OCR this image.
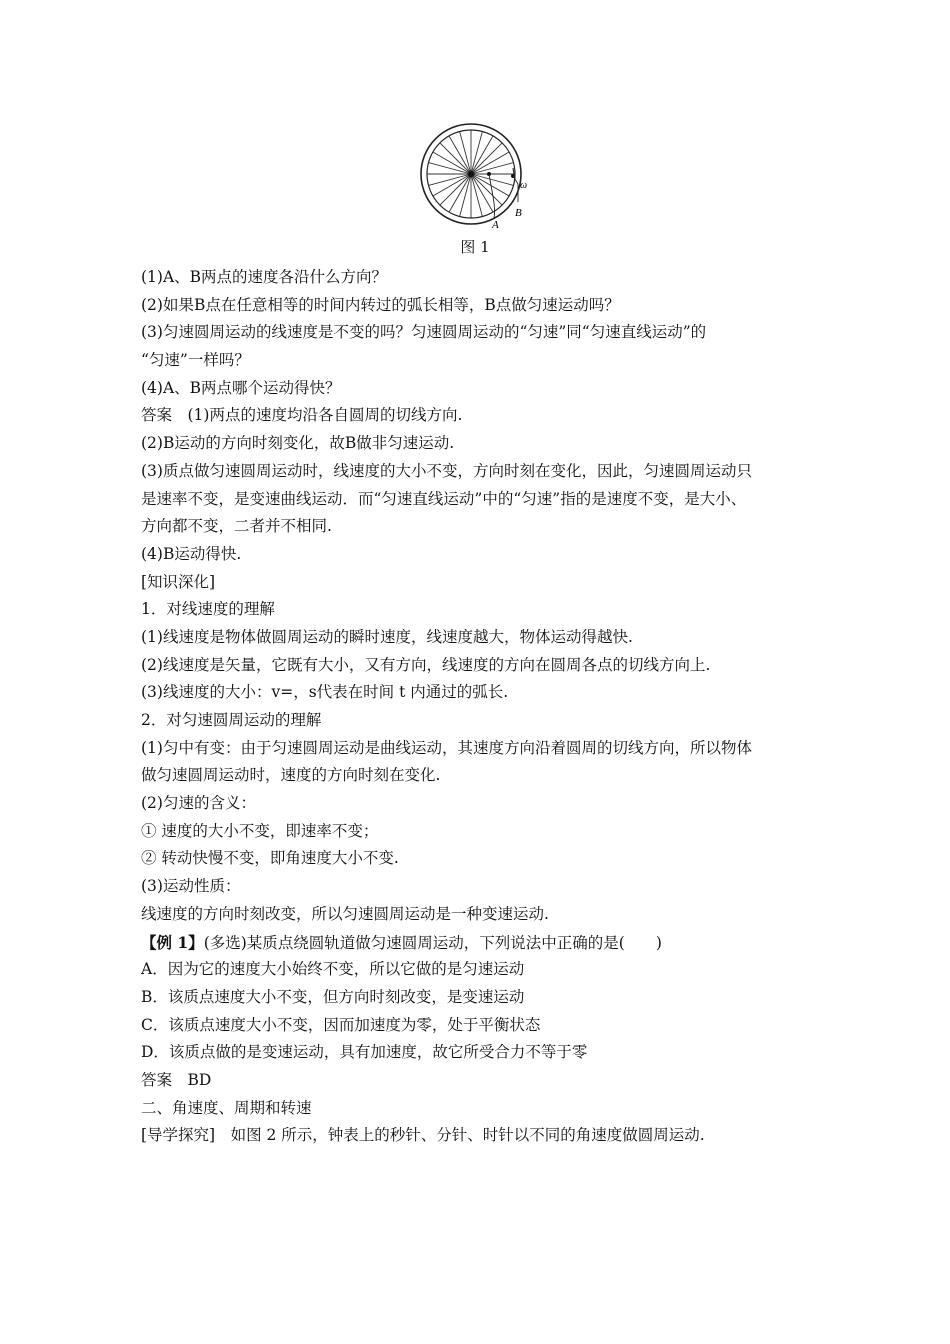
A
B
ω
图 1
(1)A、B两点的速度各沿什么方向？
(2)如果B点在任意相等的时间内转过的弧长相等，B点做匀速运动吗？
(3)匀速圆周运动的线速度是不变的吗？匀速圆周运动的“匀速”同“匀速直线运动”的
“匀速”一样吗？
(4)A、B两点哪个运动得快？
答案　(1)两点的速度均沿各自圆周的切线方向.
(2)B运动的方向时刻变化，故B做非匀速运动.
(3)质点做匀速圆周运动时，线速度的大小不变，方向时刻在变化，因此，匀速圆周运动只
是速率不变，是变速曲线运动．而“匀速直线运动”中的“匀速”指的是速度不变，是大小、
方向都不变，二者并不相同.
(4)B运动得快.
[知识深化]
1．对线速度的理解
(1)线速度是物体做圆周运动的瞬时速度，线速度越大，物体运动得越快.
(2)线速度是矢量，它既有大小，又有方向，线速度的方向在圆周各点的切线方向上.
(3)线速度的大小：v=，s代表在时间 t 内通过的弧长.
2．对匀速圆周运动的理解
(1)匀中有变：由于匀速圆周运动是曲线运动，其速度方向沿着圆周的切线方向，所以物体
做匀速圆周运动时，速度的方向时刻在变化.
(2)匀速的含义：
① 速度的大小不变，即速率不变；
② 转动快慢不变，即角速度大小不变.
(3)运动性质：
线速度的方向时刻改变，所以匀速圆周运动是一种变速运动.
【例 1】(多选)某质点绕圆轨道做匀速圆周运动，下列说法中正确的是(　　)
A．因为它的速度大小始终不变，所以它做的是匀速运动
B．该质点速度大小不变，但方向时刻改变，是变速运动
C．该质点速度大小不变，因而加速度为零，处于平衡状态
D．该质点做的是变速运动，具有加速度，故它所受合力不等于零
答案　BD
二、角速度、周期和转速
[导学探究]　如图 2 所示，钟表上的秒针、分针、时针以不同的角速度做圆周运动.
